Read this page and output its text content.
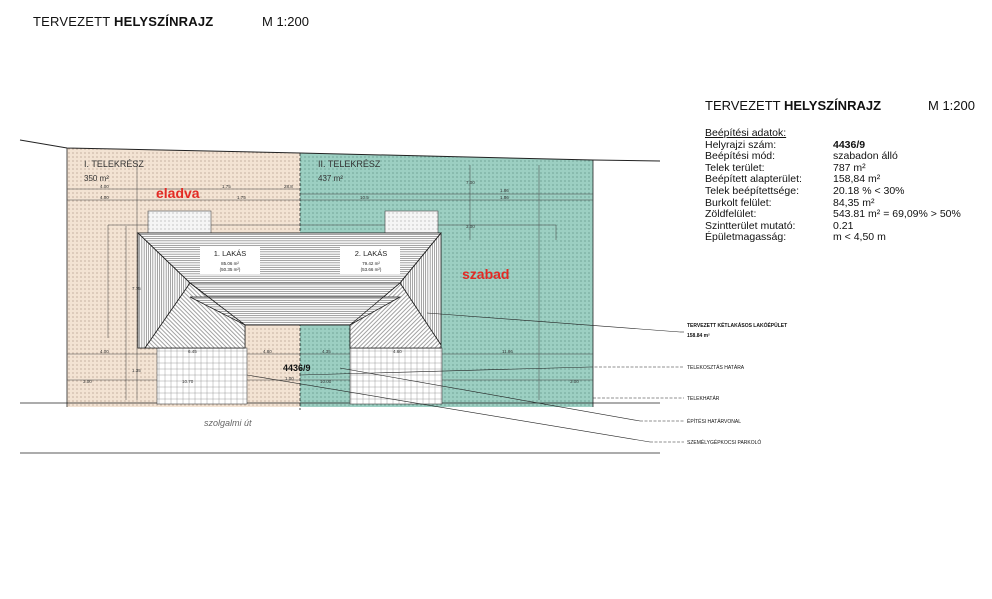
TERVEZETT HELYSZÍNRAJZ	M 1:200
TERVEZETT HELYSZÍNRAJZ	M 1:200
Beépítési adatok:
Helyrajzi szám:	4436/9
Beépítési mód:	szabadon álló
Telek terület:	787 m²
Beépített alapterület:	158,84 m²
Telek beépítettsége:	20.18 % < 30%
Burkolt felület:	84,35 m²
Zöldfelület:	543.81 m² = 69,09% > 50%
Szintterület mutató:	0.21
Épületmagasság:	m < 4,50 m
1. LAKÁS
85.06 m²
(50.35 m²)
2. LAKÁS
79.42 m²
(53.66 m²)
I. TELEKRÉSZ
350 m²
II. TELEKRÉSZ
437 m²
eladva
szabad
4436/9
szolgalmi út
4.00	1.75	28.8
1.86
4.00	1.75	10.5	1.86
4.00	6.45	4.80	4.35	4.60	11.86
3.00	3.00
1.00
10.00
10.70
7.75
1.35
7.00
3.00
TERVEZETT KÉTLAKÁSOS LAKÓÉPÜLET
158.84 m²
TELEKOSZTÁS HATÁRA
TELEKHATÁR
ÉPÍTÉSI HATÁRVONAL
SZEMÉLYGÉPKOCSI PARKOLÓ
